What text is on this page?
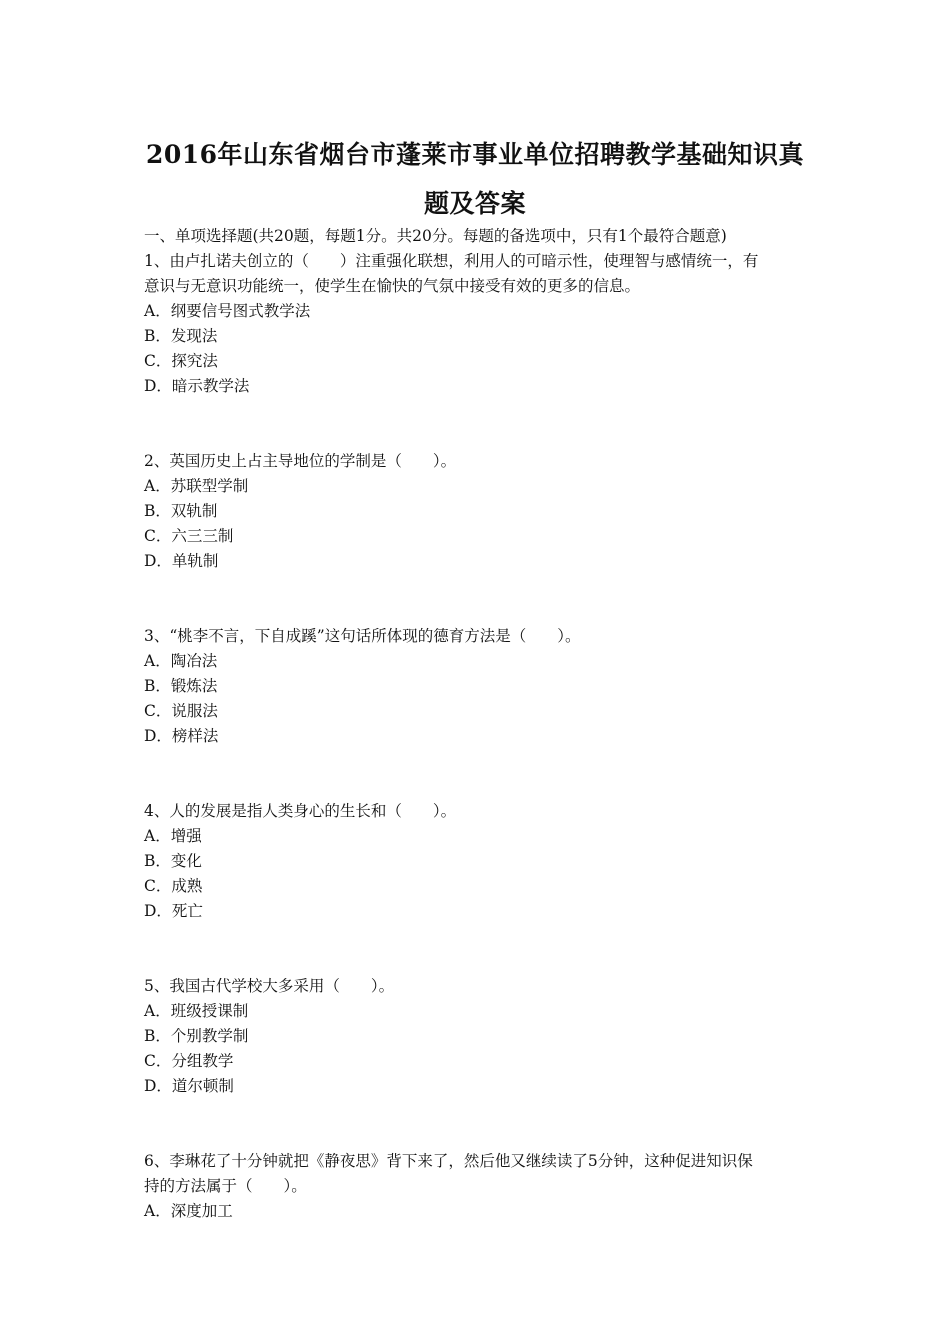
2016年山东省烟台市蓬莱市事业单位招聘教学基础知识真
题及答案
一、单项选择题(共20题，每题1分。共20分。每题的备选项中，只有1个最符合题意)
1、由卢扎诺夫创立的（　　）注重强化联想，利用人的可暗示性，使理智与感情统一，有
意识与无意识功能统一，使学生在愉快的气氛中接受有效的更多的信息。
A．纲要信号图式教学法
B．发现法
C．探究法
D．暗示教学法
2、英国历史上占主导地位的学制是（　　）。
A．苏联型学制
B．双轨制
C．六三三制
D．单轨制
3、“桃李不言，下自成蹊”这句话所体现的德育方法是（　　）。
A．陶冶法
B．锻炼法
C．说服法
D．榜样法
4、人的发展是指人类身心的生长和（　　）。
A．增强
B．变化
C．成熟
D．死亡
5、我国古代学校大多采用（　　）。
A．班级授课制
B．个别教学制
C．分组教学
D．道尔顿制
6、李琳花了十分钟就把《静夜思》背下来了，然后他又继续读了5分钟，这种促进知识保
持的方法属于（　　）。
A．深度加工
